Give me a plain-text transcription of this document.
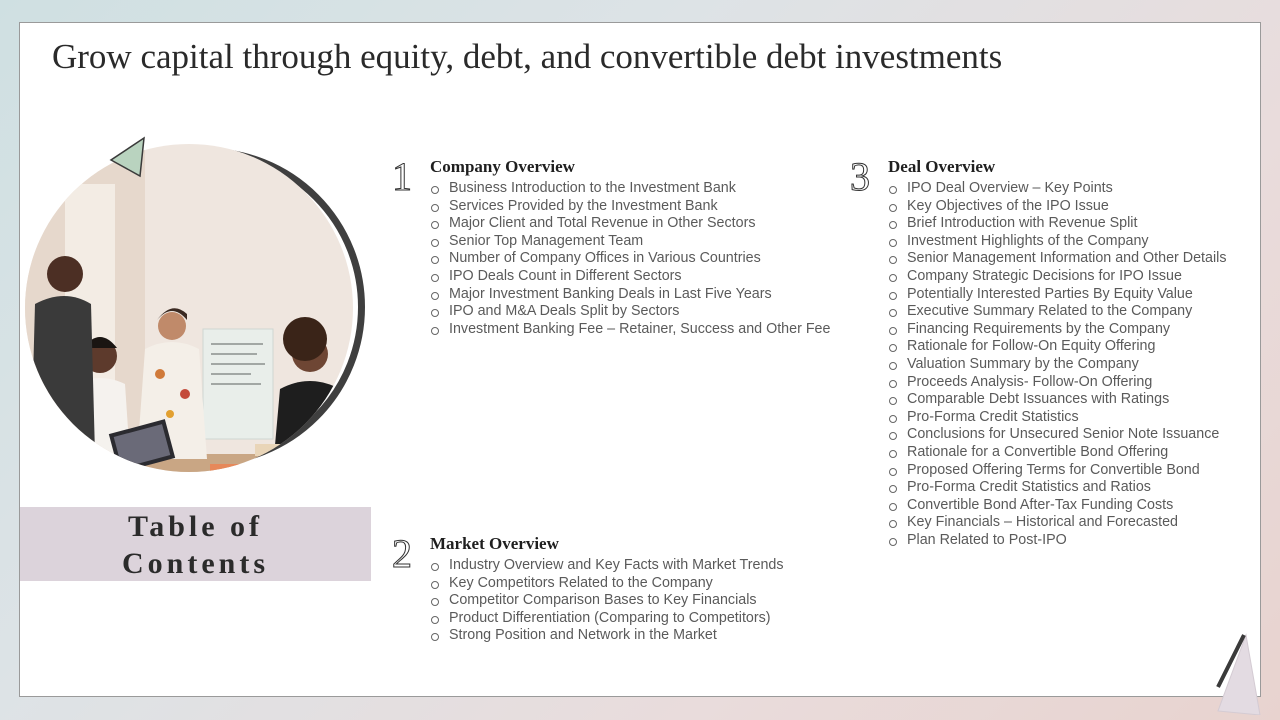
Grow capital through equity, debt, and convertible debt investments
Table of
Contents
1 Company Overview
Business Introduction to the Investment Bank
Services Provided by the Investment Bank
Major Client and Total Revenue in Other Sectors
Senior Top Management Team
Number of Company Offices in Various Countries
IPO Deals Count in Different Sectors
Major Investment Banking Deals in Last Five Years
IPO and M&A Deals Split by Sectors
Investment Banking Fee – Retainer, Success and Other Fee
2 Market Overview
Industry Overview and Key Facts with Market Trends
Key Competitors Related to the Company
Competitor Comparison Bases to Key Financials
Product Differentiation (Comparing to Competitors)
Strong Position and Network in the Market
3 Deal Overview
IPO Deal Overview – Key Points
Key Objectives of the IPO Issue
Brief Introduction with Revenue Split
Investment Highlights of the Company
Senior Management Information and Other Details
Company Strategic Decisions for IPO Issue
Potentially Interested Parties By Equity Value
Executive Summary Related to the Company
Financing Requirements by the Company
Rationale for Follow-On Equity Offering
Valuation Summary by the Company
Proceeds Analysis- Follow-On Offering
Comparable Debt Issuances with Ratings
Pro-Forma Credit Statistics
Conclusions for Unsecured Senior Note Issuance
Rationale for a Convertible Bond Offering
Proposed Offering Terms for Convertible Bond
Pro-Forma Credit Statistics and Ratios
Convertible Bond After-Tax Funding Costs
Key Financials – Historical and Forecasted
Plan Related to Post-IPO
